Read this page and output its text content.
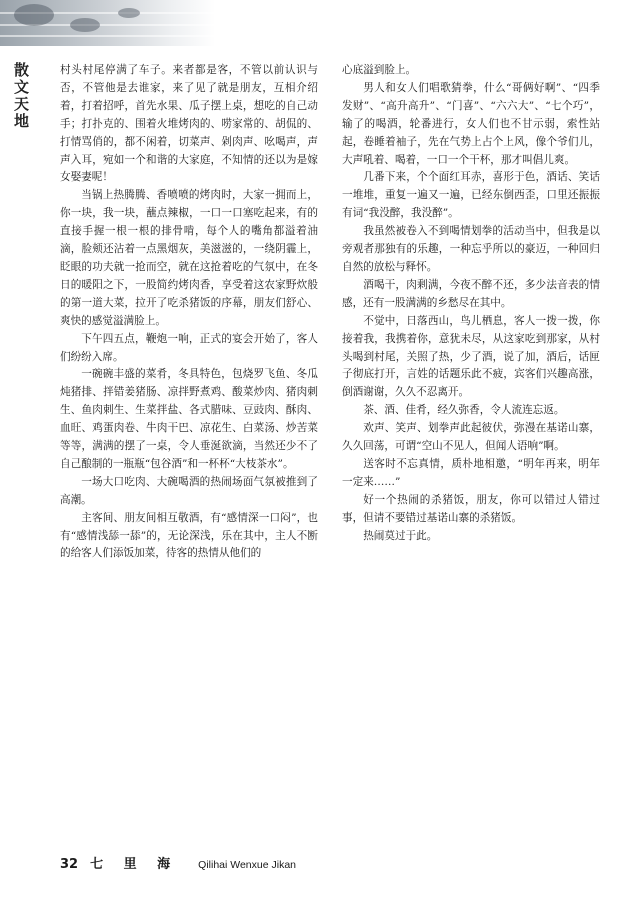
散文天地	村头村尾停满了车子。来者都是客，不管以前认识与否，不管他是去谁家，来了见了就是朋友，互相介绍着，打着招呼，首先水果、瓜子摆上桌，想吃的自己动手；打扑克的、围着火堆烤肉的、唠家常的、胡侃的、打情骂俏的，都不闲着，切菜声、剁肉声、吆喝声，声声入耳，宛如一个和谐的大家庭，不知情的还以为是嫁女娶妻呢！

当锅上热腾腾、香喷喷的烤肉时，大家一拥而上，你一块，我一块，蘸点辣椒，一口一口塞吃起来，有的直接手握一根一根的排骨啃，每个人的嘴角都溢着油滴，脸颊还沾着一点黑烟灰，美滋滋的，一绕阴霾上，眨眼的功夫就一抢而空，就在这抢着吃的气氛中，在冬日的暖阳之下，一股简约烤肉香，享受着这农家野炊般的第一道大菜，拉开了吃杀猪饭的序幕，朋友们舒心、爽快的感觉溢满脸上。

下午四五点，鞭炮一响，正式的宴会开始了，客人们纷纷入席。

一碗碗丰盛的菜肴，冬具特色，包烧罗飞鱼、冬瓜炖猪排、拌错姜猪肠、凉拌野煮鸡、酸菜炒肉、猪肉刺生、鱼肉刺生、生菜拌盐、各式腊味、豆豉肉、酥肉、血旺、鸡蛋肉卷、牛肉干巴、凉花生、白菜汤、炒苦菜等等，满满的摆了一桌，令人垂涎欲滴，当然还少不了自己酿制的一瓶瓶“包谷酒”和一杯杯“大枝茶水”。

一场大口吃肉、大碗喝酒的热闹场面气氛被推到了高潮。

主客间、朋友间相互敬酒，有“感情深一口闷”，也有“感情浅舔一舔”的，无论深浅，乐在其中，主人不断的给客人们添饭加菜，待客的热情从他们的

心底溢到脸上。

男人和女人们唱歌猜拳，什么“哥俩好啊”、“四季发财”、“高升高升”、“门喜”、“六六大”、“七个巧”，输了的喝酒，轮番进行，女人们也不甘示弱，索性站起，卷睡着袖子，先在气势上占个上风，像个爷们儿，大声吼着、喝着，一口一个干杯，那才叫倡儿爽。

几番下来，个个面红耳赤，喜形于色，酒话、笑话一堆堆，重复一遍又一遍，已经东倒西歪，口里还振振有词“我没醉，我没醉”。

我虽然被卷入不到喝情划拳的活动当中，但我是以旁观者那独有的乐趣，一种忘乎所以的豪迈，一种回归自然的放松与释怀。

酒喝干，肉剩满，今夜不醉不还，多少法音表的情感，还有一股满满的乡愁尽在其中。

不觉中，日落西山，鸟儿栖息，客人一拨一拨，你接着我，我携着你，意犹未尽，从这家吃到那家，从村头喝到村尾，关照了热，少了酒，说了加，酒后，话匣子彻底打开，言姓的话题乐此不疲，宾客们兴趣高涨，倒酒谢谢，久久不忍离开。

茶、酒、佳肴，经久弥香，令人流连忘返。

欢声、笑声、划拳声此起彼伏，弥漫在基诺山寨，久久回荡，可谓“空山不见人，但闻人语响”啊。

送客时不忘真情，质朴地相邀，“明年再来，明年一定来……”

好一个热闹的杀猪饭，朋友，你可以错过人错过事，但请不要错过基诺山寨的杀猪饭。

热闹莫过于此。

32 七 里 海 Qilihai Wenxue Jikan
